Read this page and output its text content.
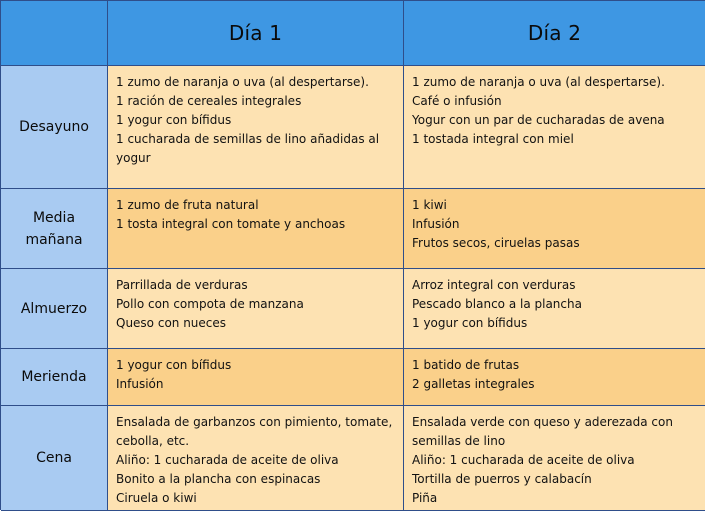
Día 1	Día 2
Desayuno
1 zumo de naranja o uva (al despertarse).
1 ración de cereales integrales
1 yogur con bífidus
1 cucharada de semillas de lino añadidas al yogur
1 zumo de naranja o uva (al despertarse).
Café o infusión
Yogur con un par de cucharadas de avena
1 tostada integral con miel
Media mañana
1 zumo de fruta natural
1 tosta integral con tomate y anchoas
1 kiwi
Infusión
Frutos secos, ciruelas pasas
Almuerzo
Parrillada de verduras
Pollo con compota de manzana
Queso con nueces
Arroz integral con verduras
Pescado blanco a la plancha
1 yogur con bífidus
Merienda
1 yogur con bífidus
Infusión
1 batido de frutas
2 galletas integrales
Cena
Ensalada de garbanzos con pimiento, tomate, cebolla, etc.
Aliño: 1 cucharada de aceite de oliva
Bonito a la plancha con espinacas
Ciruela o kiwi
Ensalada verde con queso y aderezada con semillas de lino
Aliño: 1 cucharada de aceite de oliva
Tortilla de puerros y calabacín
Piña
